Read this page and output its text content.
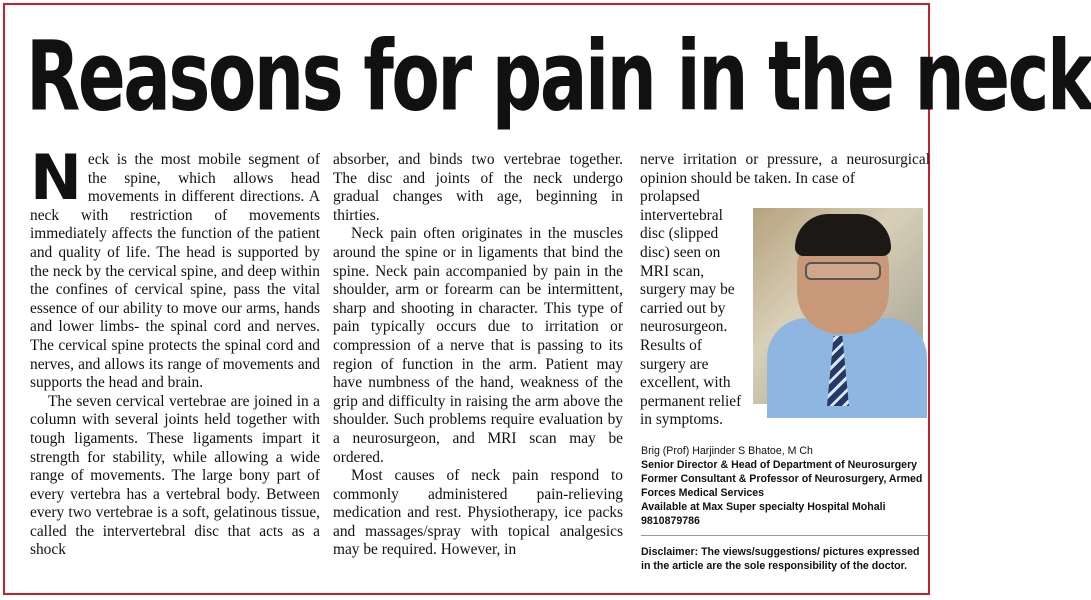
Reasons for pain in the neck

Neck is the most mobile segment of the spine, which allows head movements in different directions. A neck with restriction of movements immediately affects the function of the patient and quality of life. The head is supported by the neck by the cervical spine, and deep within the confines of cervical spine, pass the vital essence of our ability to move our arms, hands and lower limbs- the spinal cord and nerves. The cervical spine protects the spinal cord and nerves, and allows its range of movements and supports the head and brain.

The seven cervical vertebrae are joined in a column with several joints held together with tough ligaments. These ligaments impart it strength for stability, while allowing a wide range of movements. The large bony part of every vertebra has a vertebral body. Between every two vertebrae is a soft, gelatinous tissue, called the intervertebral disc that acts as a shock

absorber, and binds two vertebrae together. The disc and joints of the neck undergo gradual changes with age, beginning in thirties.

Neck pain often originates in the muscles around the spine or in ligaments that bind the spine. Neck pain accompanied by pain in the shoulder, arm or forearm can be intermittent, sharp and shooting in character. This type of pain typically occurs due to irritation or compression of a nerve that is passing to its region of function in the arm. Patient may have numbness of the hand, weakness of the grip and difficulty in raising the arm above the shoulder. Such problems require evaluation by a neurosurgeon, and MRI scan may be ordered.

Most causes of neck pain respond to commonly administered pain-relieving medication and rest. Physiotherapy, ice packs and massages/spray with topical analgesics may be required. However, in

nerve irritation or pressure, a neurosurgical opinion should be taken. In case of

prolapsed intervertebral disc (slipped disc) seen on MRI scan, surgery may be carried out by neurosurgeon. Results of surgery are excellent, with permanent relief in symptoms.

Brig (Prof) Harjinder S Bhatoe, M Ch
Senior Director & Head of Department of Neurosurgery
Former Consultant & Professor of Neurosurgery, Armed
Forces Medical Services
Available at Max Super specialty Hospital Mohali
9810879786
Disclaimer: The views/suggestions/ pictures expressed in the article are the sole responsibility of the doctor.
